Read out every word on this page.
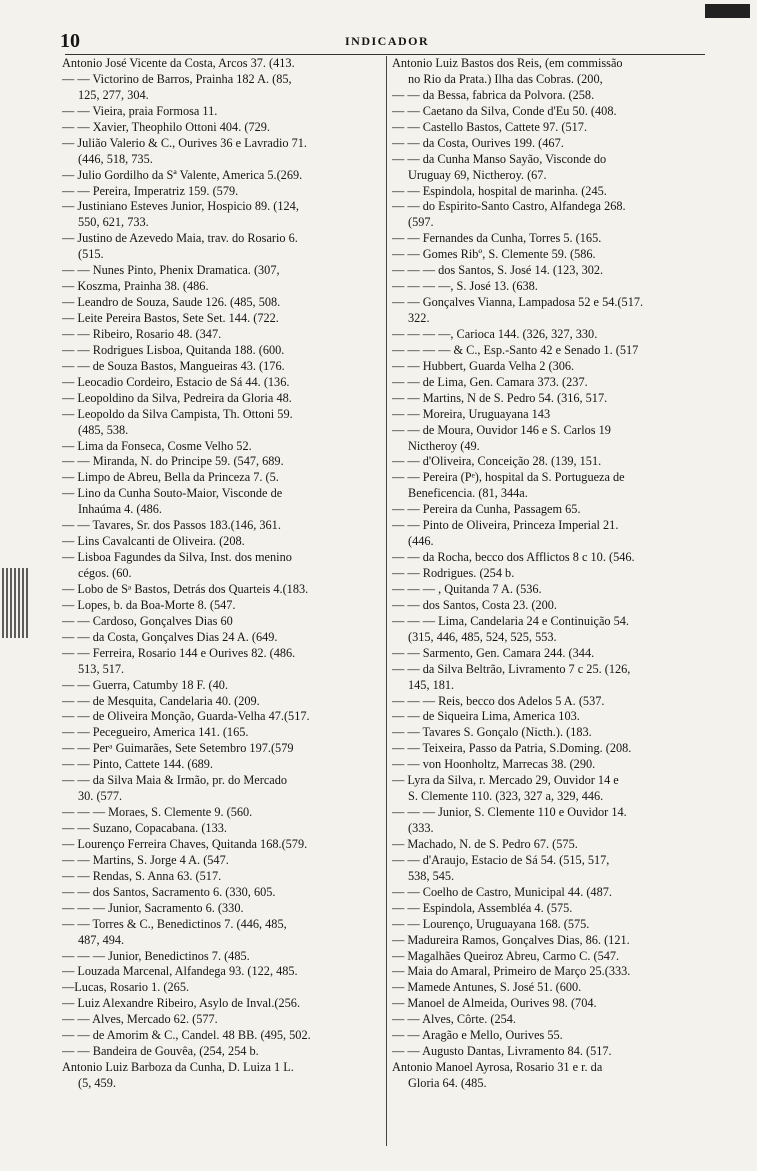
10	INDICADOR
Antonio José Vicente da Costa, Arcos 37. (413.
— — Victorino de Barros, Prainha 182 A. (85,
125, 277, 304.
— — Vieira, praia Formosa 11.
— — Xavier, Theophilo Ottoni 404. (729.
— Julião Valerio & C., Ourives 36 e Lavradio 71.
(446, 518, 735.
— Julio Gordilho da Sª Valente, America 5.(269.
— — Pereira, Imperatriz 159. (579.
— Justiniano Esteves Junior, Hospicio 89. (124,
550, 621, 733.
— Justino de Azevedo Maia, trav. do Rosario 6.
(515.
— — Nunes Pinto, Phenix Dramatica. (307,
— Koszma, Prainha 38. (486.
— Leandro de Souza, Saude 126. (485, 508.
— Leite Pereira Bastos, Sete Set. 144. (722.
— — Ribeiro, Rosario 48. (347.
— — Rodrigues Lisboa, Quitanda 188. (600.
— — de Souza Bastos, Mangueiras 43. (176.
— Leocadio Cordeiro, Estacio de Sá 44. (136.
— Leopoldino da Silva, Pedreira da Gloria 48.
— Leopoldo da Silva Campista, Th. Ottoni 59.
(485, 538.
— Lima da Fonseca, Cosme Velho 52.
— — Miranda, N. do Principe 59. (547, 689.
— Limpo de Abreu, Bella da Princeza 7. (5.
— Lino da Cunha Souto-Maior, Visconde de
Inhaúma 4. (486.
— — Tavares, Sr. dos Passos 183.(146, 361.
— Lins Cavalcanti de Oliveira. (208.
— Lisboa Fagundes da Silva, Inst. dos menino
cégos. (60.
— Lobo de Sᵃ Bastos, Detrás dos Quarteis 4.(183.
— Lopes, b. da Boa-Morte 8. (547.
— — Cardoso, Gonçalves Dias 60
— — da Costa, Gonçalves Dias 24 A. (649.
— — Ferreira, Rosario 144 e Ourives 82. (486.
513, 517.
— — Guerra, Catumby 18 F. (40.
— — de Mesquita, Candelaria 40. (209.
— — de Oliveira Monção, Guarda-Velha 47.(517.
— — Pecegueiro, America 141. (165.
— — Perᵃ Guimarães, Sete Setembro 197.(579
— — Pinto, Cattete 144. (689.
— — da Silva Maia & Irmão, pr. do Mercado
30. (577.
— — — Moraes, S. Clemente 9. (560.
— — Suzano, Copacabana. (133.
— Lourenço Ferreira Chaves, Quitanda 168.(579.
— — Martins, S. Jorge 4 A. (547.
— — Rendas, S. Anna 63. (517.
— — dos Santos, Sacramento 6. (330, 605.
— — — Junior, Sacramento 6. (330.
— — Torres & C., Benedictinos 7. (446, 485,
487, 494.
— — — Junior, Benedictinos 7. (485.
— Louzada Marcenal, Alfandega 93. (122, 485.
—Lucas, Rosario 1. (265.
— Luiz Alexandre Ribeiro, Asylo de Inval.(256.
— — Alves, Mercado 62. (577.
— — de Amorim & C., Candel. 48 BB. (495, 502.
— — Bandeira de Gouvêa, (254, 254 b.
Antonio Luiz Barboza da Cunha, D. Luiza 1 L.
(5, 459.
Antonio Luiz Bastos dos Reis, (em commissão
no Rio da Prata.) Ilha das Cobras. (200,
— — da Bessa, fabrica da Polvora. (258.
— — Caetano da Silva, Conde d'Eu 50. (408.
— — Castello Bastos, Cattete 97. (517.
— — da Costa, Ourives 199. (467.
— — da Cunha Manso Sayão, Visconde do
Uruguay 69, Nictheroy. (67.
— — Espindola, hospital de marinha. (245.
— — do Espirito-Santo Castro, Alfandega 268.
(597.
— — Fernandes da Cunha, Torres 5. (165.
— — Gomes Ribº, S. Clemente 59. (586.
— — — dos Santos, S. José 14. (123, 302.
— — — —, S. José 13. (638.
— — Gonçalves Vianna, Lampadosa 52 e 54.(517.
322.
— — — —, Carioca 144. (326, 327, 330.
— — — — & C., Esp.-Santo 42 e Senado 1. (517
— — Hubbert, Guarda Velha 2 (306.
— — de Lima, Gen. Camara 373. (237.
— — Martins, N de S. Pedro 54. (316, 517.
— — Moreira, Uruguayana 143
— — de Moura, Ouvidor 146 e S. Carlos 19
Nictheroy (49.
— — d'Oliveira, Conceição 28. (139, 151.
— — Pereira (Pᵉ), hospital da S. Portugueza de
Beneficencia. (81, 344a.
— — Pereira da Cunha, Passagem 65.
— — Pinto de Oliveira, Princeza Imperial 21.
(446.
— — da Rocha, becco dos Afflictos 8 c 10. (546.
— — Rodrigues. (254 b.
— — — , Quitanda 7 A. (536.
— — dos Santos, Costa 23. (200.
— — — Lima, Candelaria 24 e Continuição 54.
(315, 446, 485, 524, 525, 553.
— — Sarmento, Gen. Camara 244. (344.
— — da Silva Beltrão, Livramento 7 c 25. (126,
145, 181.
— — — Reis, becco dos Adelos 5 A. (537.
— — de Siqueira Lima, America 103.
— — Tavares S. Gonçalo (Nicth.). (183.
— — Teixeira, Passo da Patria, S.Doming. (208.
— — von Hoonholtz, Marrecas 38. (290.
— Lyra da Silva, r. Mercado 29, Ouvidor 14 e
S. Clemente 110. (323, 327 a, 329, 446.
— — — Junior, S. Clemente 110 e Ouvidor 14.
(333.
— Machado, N. de S. Pedro 67. (575.
— — d'Araujo, Estacio de Sá 54. (515, 517,
538, 545.
— — Coelho de Castro, Municipal 44. (487.
— — Espindola, Assembléa 4. (575.
— — Lourenço, Uruguayana 168. (575.
— Madureira Ramos, Gonçalves Dias, 86. (121.
— Magalhães Queiroz Abreu, Carmo C. (547.
— Maia do Amaral, Primeiro de Março 25.(333.
— Mamede Antunes, S. José 51. (600.
— Manoel de Almeida, Ourives 98. (704.
— — Alves, Côrte. (254.
— — Aragão e Mello, Ourives 55.
— — Augusto Dantas, Livramento 84. (517.
Antonio Manoel Ayrosa, Rosario 31 e r. da
Gloria 64. (485.
